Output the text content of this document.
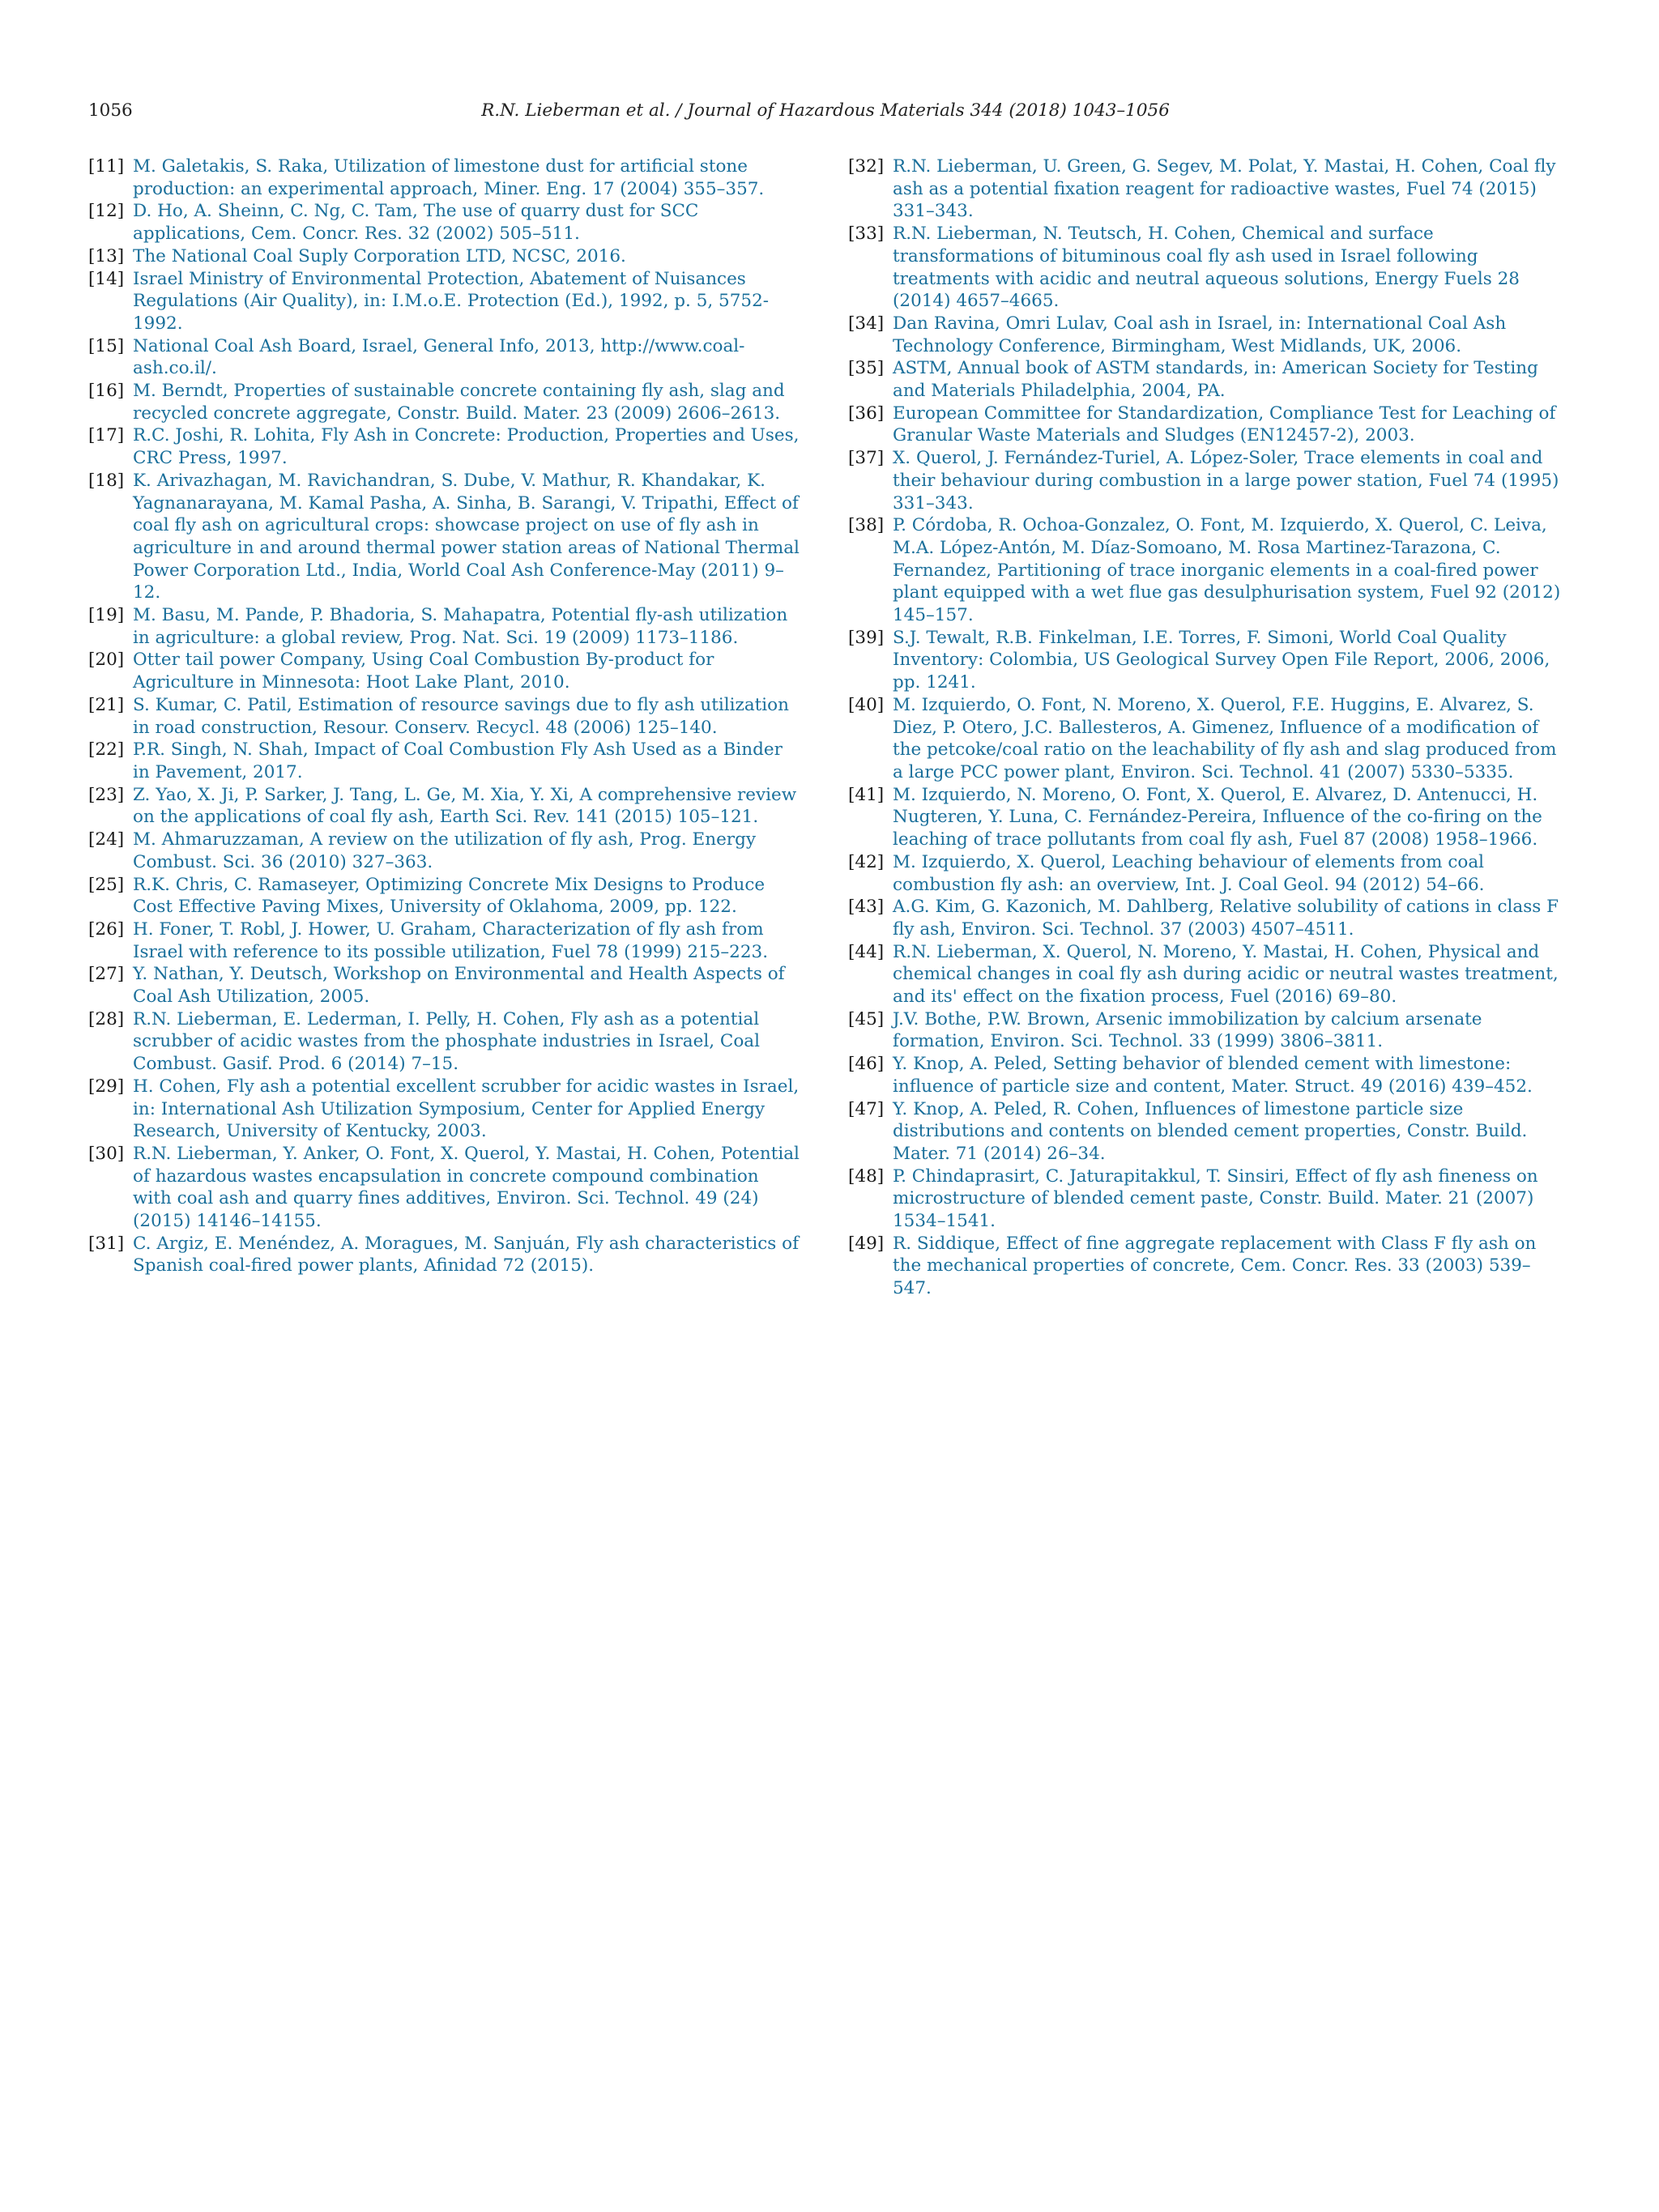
1056	R.N. Lieberman et al. / Journal of Hazardous Materials 344 (2018) 1043–1056
[11] M. Galetakis, S. Raka, Utilization of limestone dust for artificial stone production: an experimental approach, Miner. Eng. 17 (2004) 355–357.
[12] D. Ho, A. Sheinn, C. Ng, C. Tam, The use of quarry dust for SCC applications, Cem. Concr. Res. 32 (2002) 505–511.
[13] The National Coal Suply Corporation LTD, NCSC, 2016.
[14] Israel Ministry of Environmental Protection, Abatement of Nuisances Regulations (Air Quality), in: I.M.o.E. Protection (Ed.), 1992, p. 5, 5752-1992.
[15] National Coal Ash Board, Israel, General Info, 2013, http://www.coal-ash.co.il/.
[16] M. Berndt, Properties of sustainable concrete containing fly ash, slag and recycled concrete aggregate, Constr. Build. Mater. 23 (2009) 2606–2613.
[17] R.C. Joshi, R. Lohita, Fly Ash in Concrete: Production, Properties and Uses, CRC Press, 1997.
[18] K. Arivazhagan, M. Ravichandran, S. Dube, V. Mathur, R. Khandakar, K. Yagnanarayana, M. Kamal Pasha, A. Sinha, B. Sarangi, V. Tripathi, Effect of coal fly ash on agricultural crops: showcase project on use of fly ash in agriculture in and around thermal power station areas of National Thermal Power Corporation Ltd., India, World Coal Ash Conference-May (2011) 9–12.
[19] M. Basu, M. Pande, P. Bhadoria, S. Mahapatra, Potential fly-ash utilization in agriculture: a global review, Prog. Nat. Sci. 19 (2009) 1173–1186.
[20] Otter tail power Company, Using Coal Combustion By-product for Agriculture in Minnesota: Hoot Lake Plant, 2010.
[21] S. Kumar, C. Patil, Estimation of resource savings due to fly ash utilization in road construction, Resour. Conserv. Recycl. 48 (2006) 125–140.
[22] P.R. Singh, N. Shah, Impact of Coal Combustion Fly Ash Used as a Binder in Pavement, 2017.
[23] Z. Yao, X. Ji, P. Sarker, J. Tang, L. Ge, M. Xia, Y. Xi, A comprehensive review on the applications of coal fly ash, Earth Sci. Rev. 141 (2015) 105–121.
[24] M. Ahmaruzzaman, A review on the utilization of fly ash, Prog. Energy Combust. Sci. 36 (2010) 327–363.
[25] R.K. Chris, C. Ramaseyer, Optimizing Concrete Mix Designs to Produce Cost Effective Paving Mixes, University of Oklahoma, 2009, pp. 122.
[26] H. Foner, T. Robl, J. Hower, U. Graham, Characterization of fly ash from Israel with reference to its possible utilization, Fuel 78 (1999) 215–223.
[27] Y. Nathan, Y. Deutsch, Workshop on Environmental and Health Aspects of Coal Ash Utilization, 2005.
[28] R.N. Lieberman, E. Lederman, I. Pelly, H. Cohen, Fly ash as a potential scrubber of acidic wastes from the phosphate industries in Israel, Coal Combust. Gasif. Prod. 6 (2014) 7–15.
[29] H. Cohen, Fly ash a potential excellent scrubber for acidic wastes in Israel, in: International Ash Utilization Symposium, Center for Applied Energy Research, University of Kentucky, 2003.
[30] R.N. Lieberman, Y. Anker, O. Font, X. Querol, Y. Mastai, H. Cohen, Potential of hazardous wastes encapsulation in concrete compound combination with coal ash and quarry fines additives, Environ. Sci. Technol. 49 (24) (2015) 14146–14155.
[31] C. Argiz, E. Menéndez, A. Moragues, M. Sanjuán, Fly ash characteristics of Spanish coal-fired power plants, Afinidad 72 (2015).
[32] R.N. Lieberman, U. Green, G. Segev, M. Polat, Y. Mastai, H. Cohen, Coal fly ash as a potential fixation reagent for radioactive wastes, Fuel 74 (2015) 331–343.
[33] R.N. Lieberman, N. Teutsch, H. Cohen, Chemical and surface transformations of bituminous coal fly ash used in Israel following treatments with acidic and neutral aqueous solutions, Energy Fuels 28 (2014) 4657–4665.
[34] Dan Ravina, Omri Lulav, Coal ash in Israel, in: International Coal Ash Technology Conference, Birmingham, West Midlands, UK, 2006.
[35] ASTM, Annual book of ASTM standards, in: American Society for Testing and Materials Philadelphia, 2004, PA.
[36] European Committee for Standardization, Compliance Test for Leaching of Granular Waste Materials and Sludges (EN12457-2), 2003.
[37] X. Querol, J. Fernández-Turiel, A. López-Soler, Trace elements in coal and their behaviour during combustion in a large power station, Fuel 74 (1995) 331–343.
[38] P. Córdoba, R. Ochoa-Gonzalez, O. Font, M. Izquierdo, X. Querol, C. Leiva, M.A. López-Antón, M. Díaz-Somoano, M. Rosa Martinez-Tarazona, C. Fernandez, Partitioning of trace inorganic elements in a coal-fired power plant equipped with a wet flue gas desulphurisation system, Fuel 92 (2012) 145–157.
[39] S.J. Tewalt, R.B. Finkelman, I.E. Torres, F. Simoni, World Coal Quality Inventory: Colombia, US Geological Survey Open File Report, 2006, 2006, pp. 1241.
[40] M. Izquierdo, O. Font, N. Moreno, X. Querol, F.E. Huggins, E. Alvarez, S. Diez, P. Otero, J.C. Ballesteros, A. Gimenez, Influence of a modification of the petcoke/coal ratio on the leachability of fly ash and slag produced from a large PCC power plant, Environ. Sci. Technol. 41 (2007) 5330–5335.
[41] M. Izquierdo, N. Moreno, O. Font, X. Querol, E. Alvarez, D. Antenucci, H. Nugteren, Y. Luna, C. Fernández-Pereira, Influence of the co-firing on the leaching of trace pollutants from coal fly ash, Fuel 87 (2008) 1958–1966.
[42] M. Izquierdo, X. Querol, Leaching behaviour of elements from coal combustion fly ash: an overview, Int. J. Coal Geol. 94 (2012) 54–66.
[43] A.G. Kim, G. Kazonich, M. Dahlberg, Relative solubility of cations in class F fly ash, Environ. Sci. Technol. 37 (2003) 4507–4511.
[44] R.N. Lieberman, X. Querol, N. Moreno, Y. Mastai, H. Cohen, Physical and chemical changes in coal fly ash during acidic or neutral wastes treatment, and its' effect on the fixation process, Fuel (2016) 69–80.
[45] J.V. Bothe, P.W. Brown, Arsenic immobilization by calcium arsenate formation, Environ. Sci. Technol. 33 (1999) 3806–3811.
[46] Y. Knop, A. Peled, Setting behavior of blended cement with limestone: influence of particle size and content, Mater. Struct. 49 (2016) 439–452.
[47] Y. Knop, A. Peled, R. Cohen, Influences of limestone particle size distributions and contents on blended cement properties, Constr. Build. Mater. 71 (2014) 26–34.
[48] P. Chindaprasirt, C. Jaturapitakkul, T. Sinsiri, Effect of fly ash fineness on microstructure of blended cement paste, Constr. Build. Mater. 21 (2007) 1534–1541.
[49] R. Siddique, Effect of fine aggregate replacement with Class F fly ash on the mechanical properties of concrete, Cem. Concr. Res. 33 (2003) 539–547.
